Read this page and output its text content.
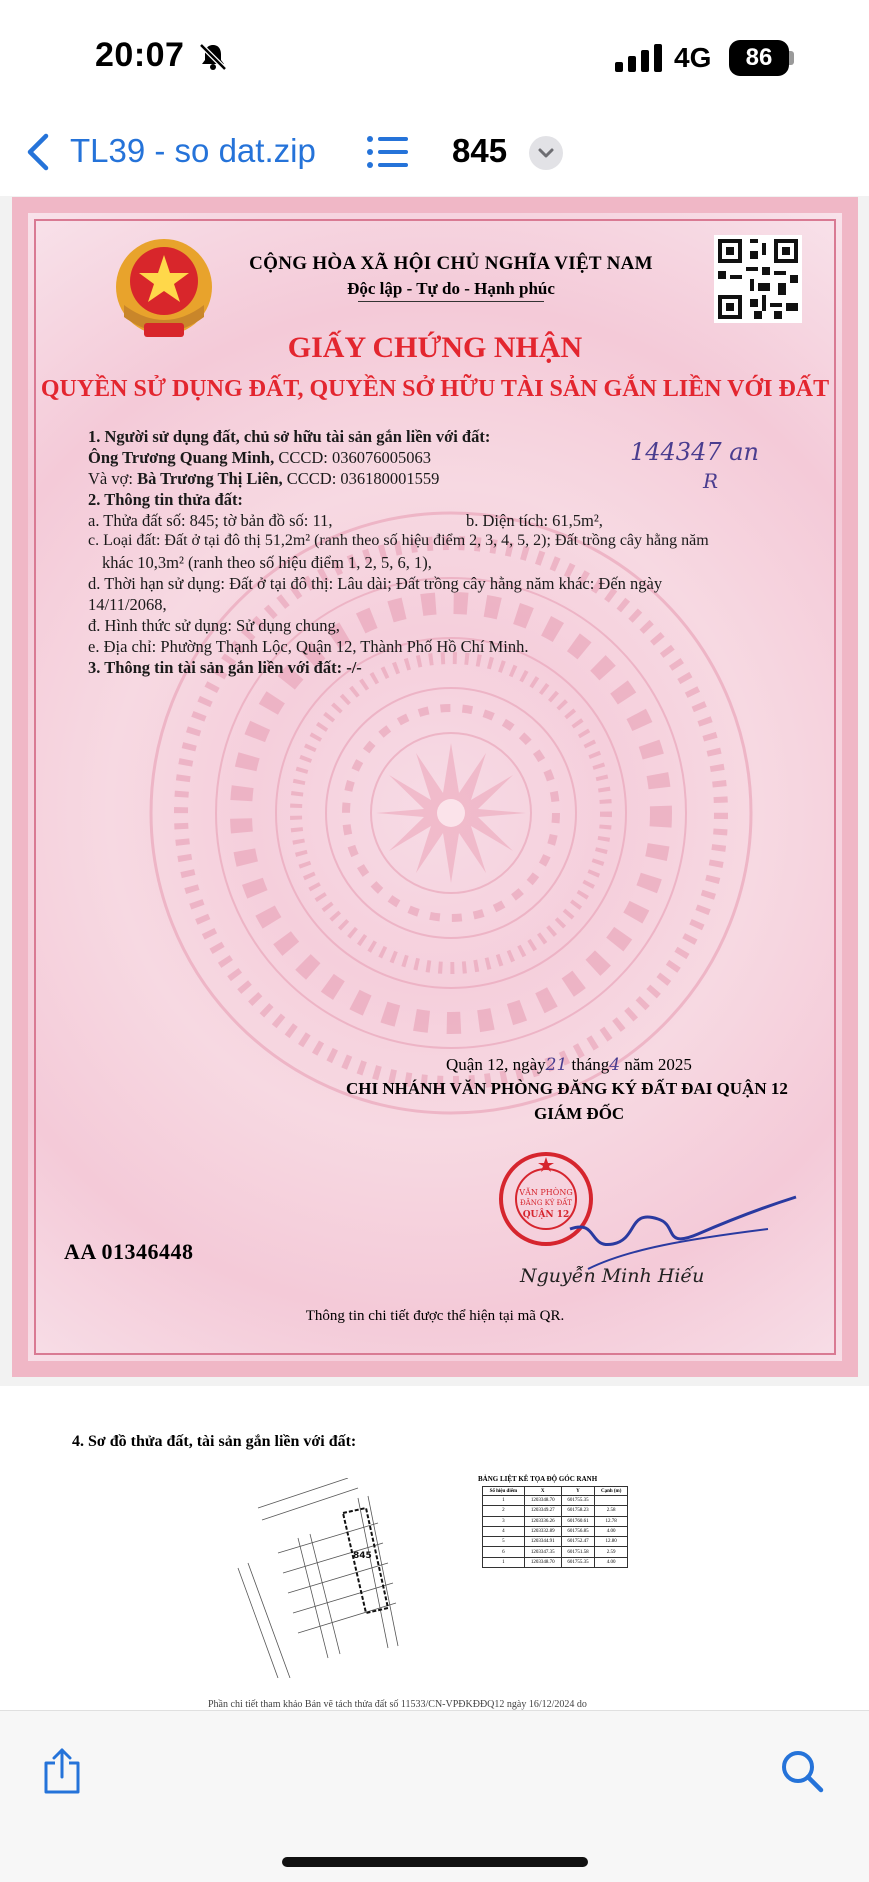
20:07	4G	86
TL39 - so dat.zip	845
CỘNG HÒA XÃ HỘI CHỦ NGHĨA VIỆT NAM
Độc lập - Tự do - Hạnh phúc
GIẤY CHỨNG NHẬN
QUYỀN SỬ DỤNG ĐẤT, QUYỀN SỞ HỮU TÀI SẢN GẮN LIỀN VỚI ĐẤT
1. Người sử dụng đất, chủ sở hữu tài sản gắn liền với đất:
Ông Trương Quang Minh, CCCD: 036076005063
Và vợ: Bà Trương Thị Liên, CCCD: 036180001559
2. Thông tin thửa đất:
a. Thửa đất số: 845; tờ bản đồ số: 11,	b. Diện tích: 61,5m²,
c. Loại đất: Đất ở tại đô thị 51,2m² (ranh theo số hiệu điểm 2, 3, 4, 5, 2); Đất trồng cây hằng năm
khác 10,3m² (ranh theo số hiệu điểm 1, 2, 5, 6, 1),
d. Thời hạn sử dụng: Đất ở tại đô thị: Lâu dài; Đất trồng cây hằng năm khác: Đến ngày
14/11/2068,
đ. Hình thức sử dụng: Sử dụng chung,
e. Địa chỉ: Phường Thạnh Lộc, Quận 12, Thành Phố Hồ Chí Minh.
3. Thông tin tài sản gắn liền với đất: -/-
144347 an
R
Quận 12, ngày21 tháng4 năm 2025
CHI NHÁNH VĂN PHÒNG ĐĂNG KÝ ĐẤT ĐAI QUẬN 12
GIÁM ĐỐC
VĂN PHÒNG
ĐĂNG KÝ ĐẤT
QUẬN 12
Nguyễn Minh Hiếu
AA 01346448
Thông tin chi tiết được thể hiện tại mã QR.
4. Sơ đồ thửa đất, tài sản gắn liền với đất:
845
BẢNG LIỆT KÊ TỌA ĐỘ GÓC RANH
Số hiệu điểm	X	Y	Cạnh (m)
1	1203348.70	601755.35	
2	1203349.27	601758.23	2.58
3	1203336.26	601760.61	12.78
4	1203332.89	601756.85	4.00
5	1203344.91	601752.47	12.80
6	1203347.35	601751.58	2.59
1	1203348.70	601755.35	4.00
Phần chi tiết tham khảo Bản vẽ tách thửa đất số 11533/CN-VPĐKĐĐQ12 ngày 16/12/2024 do
